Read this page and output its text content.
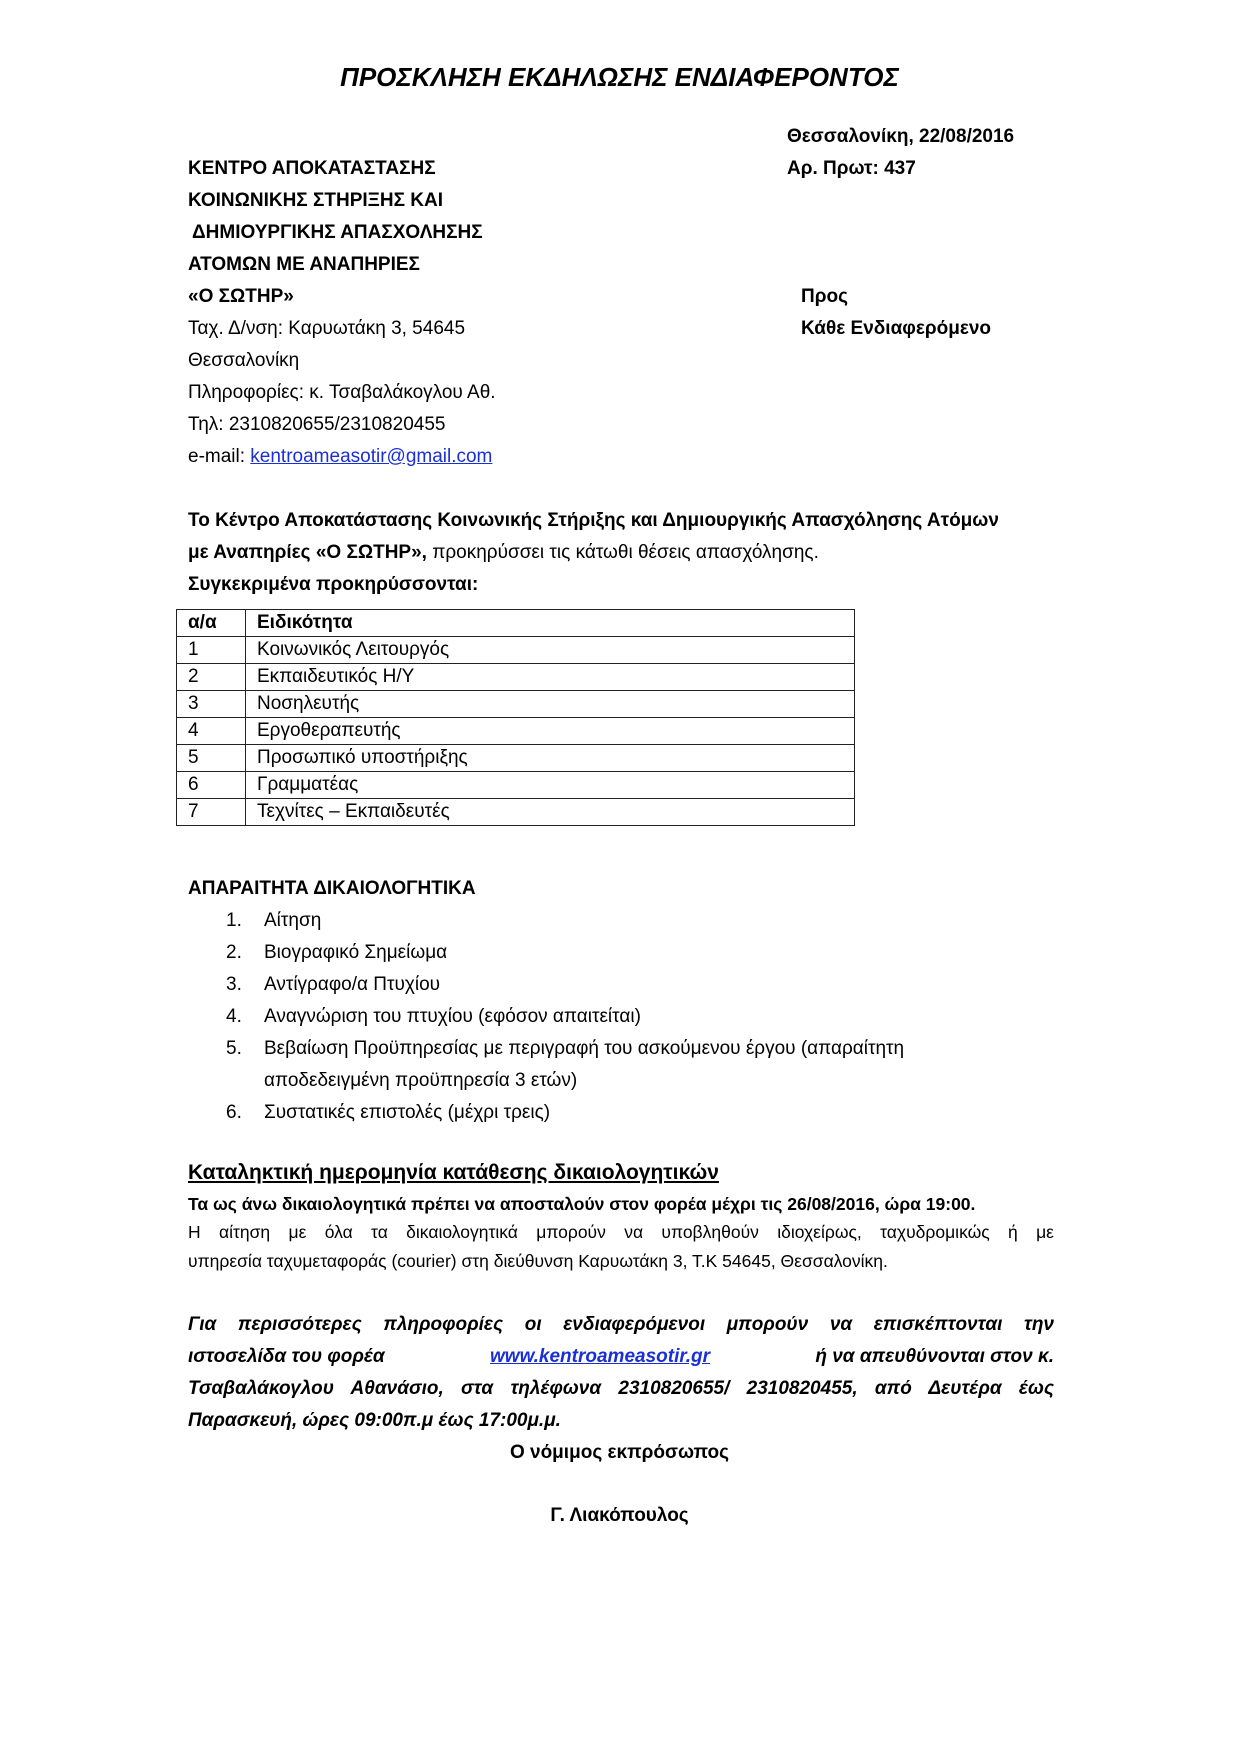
ΠΡΟΣΚΛΗΣΗ ΕΚΔΗΛΩΣΗΣ ΕΝΔΙΑΦΕΡΟΝΤΟΣ
Θεσσαλονίκη, 22/08/2016
Αρ. Πρωτ: 437
ΚΕΝΤΡΟ ΑΠΟΚΑΤΑΣΤΑΣΗΣ
ΚΟΙΝΩΝΙΚΗΣ ΣΤΗΡΙΞΗΣ ΚΑΙ
ΔΗΜΙΟΥΡΓΙΚΗΣ ΑΠΑΣΧΟΛΗΣΗΣ
ΑΤΟΜΩΝ ΜΕ ΑΝΑΠΗΡΙΕΣ
«Ο ΣΩΤΗΡ»
Ταχ. Δ/νση: Καρυωτάκη 3, 54645
Θεσσαλονίκη
Πληροφορίες: κ. Τσαβαλάκογλου Αθ.
Τηλ: 2310820655/2310820455
e-mail: kentroameasotir@gmail.com
Προς
Κάθε Ενδιαφερόμενο
Το Κέντρο Αποκατάστασης Κοινωνικής Στήριξης και Δημιουργικής Απασχόλησης Ατόμων
με Αναπηρίες «Ο ΣΩΤΗΡ», προκηρύσσει τις κάτωθι θέσεις απασχόλησης.
Συγκεκριμένα προκηρύσσονται:
α/α	Ειδικότητα
1	Κοινωνικός Λειτουργός
2	Εκπαιδευτικός Η/Υ
3	Νοσηλευτής
4	Εργοθεραπευτής
5	Προσωπικό υποστήριξης
6	Γραμματέας
7	Τεχνίτες – Εκπαιδευτές
ΑΠΑΡΑΙΤΗΤΑ ΔΙΚΑΙΟΛΟΓΗΤΙΚΑ
1. Αίτηση
2. Βιογραφικό Σημείωμα
3. Αντίγραφο/α Πτυχίου
4. Αναγνώριση του πτυχίου (εφόσον απαιτείται)
5. Βεβαίωση Προϋπηρεσίας με περιγραφή του ασκούμενου έργου (απαραίτητη
αποδεδειγμένη προϋπηρεσία 3 ετών)
6. Συστατικές επιστολές (μέχρι τρεις)
Καταληκτική ημερομηνία κατάθεσης δικαιολογητικών
Τα ως άνω δικαιολογητικά πρέπει να αποσταλούν στον φορέα μέχρι τις 26/08/2016, ώρα 19:00.
Η αίτηση με όλα τα δικαιολογητικά μπορούν να υποβληθούν ιδιοχείρως, ταχυδρομικώς ή με
υπηρεσία ταχυμεταφοράς (courier) στη διεύθυνση Καρυωτάκη 3, Τ.Κ 54645, Θεσσαλονίκη.
Για περισσότερες πληροφορίες οι ενδιαφερόμενοι μπορούν να επισκέπτονται την
ιστοσελίδα του φορέα	www.kentroameasotir.gr	ή να απευθύνονται στον κ.
Τσαβαλάκογλου Αθανάσιο, στα τηλέφωνα 2310820655/ 2310820455, από Δευτέρα έως
Παρασκευή, ώρες 09:00π.μ έως 17:00μ.μ.
Ο νόμιμος εκπρόσωπος
Γ. Λιακόπουλος
